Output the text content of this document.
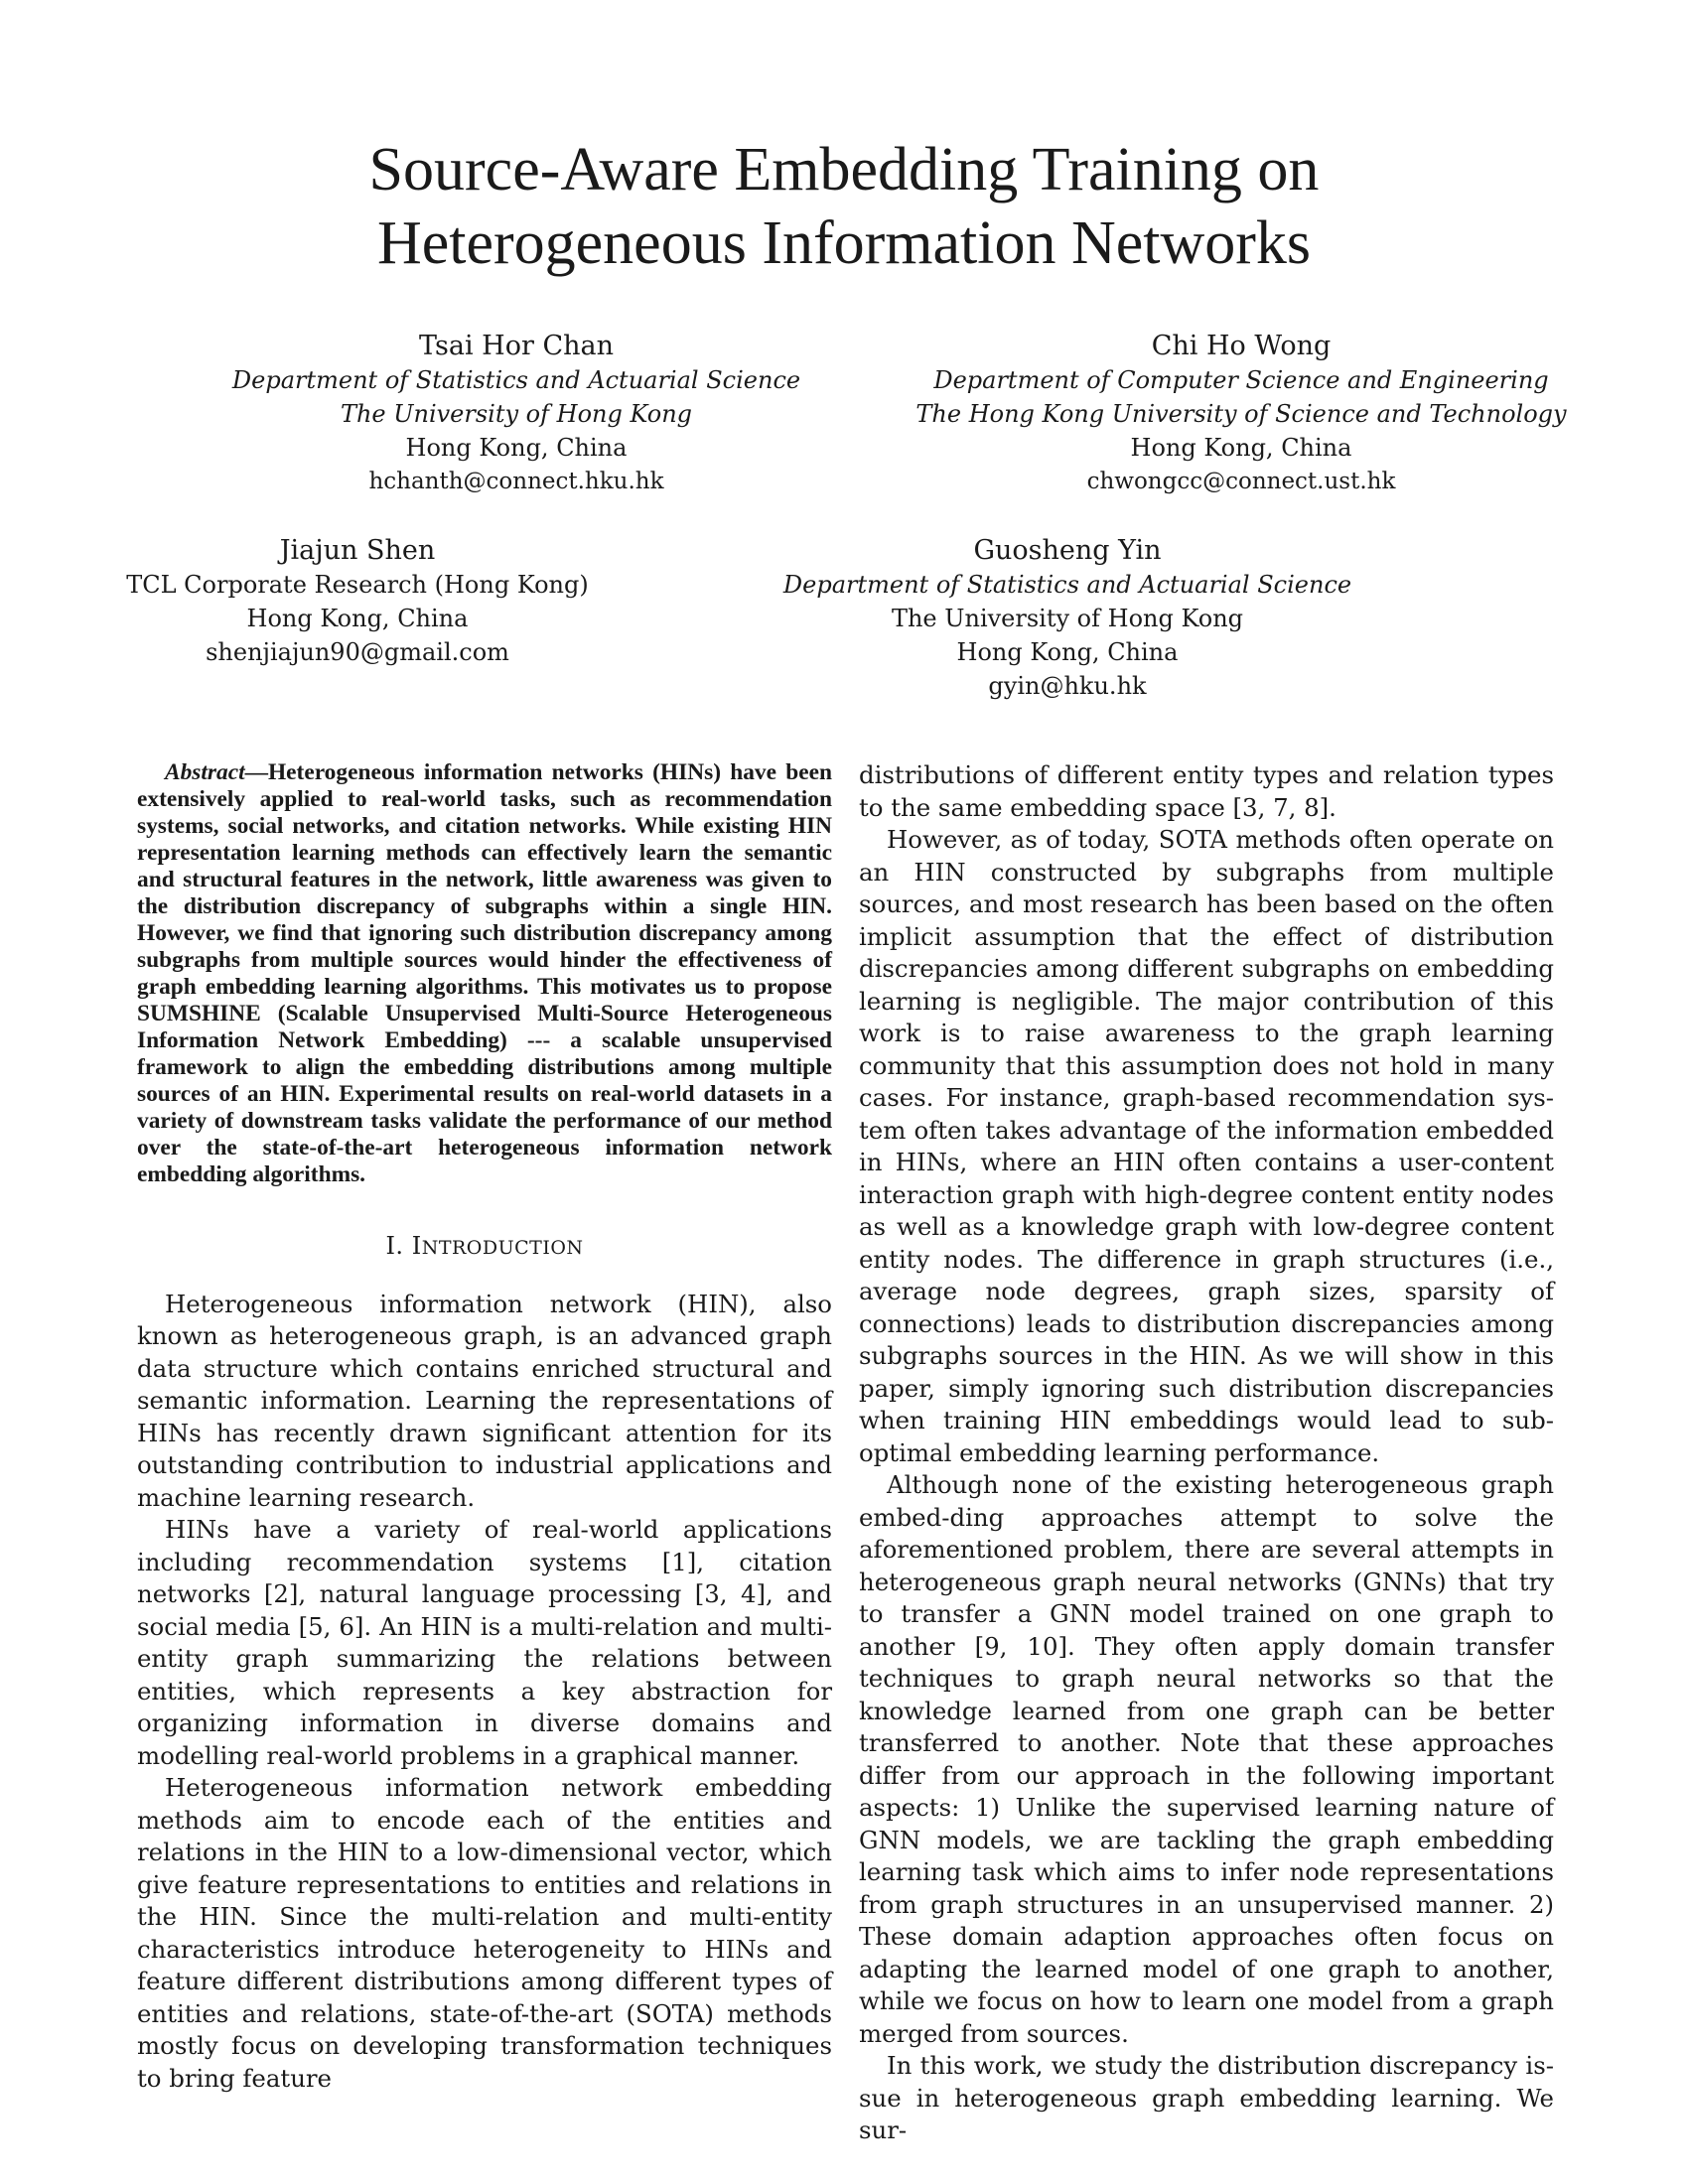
Source-Aware Embedding Training on
Heterogeneous Information Networks
Tsai Hor Chan
Department of Statistics and Actuarial Science
The University of Hong Kong
Hong Kong, China
hchanth@connect.hku.hk
Chi Ho Wong
Department of Computer Science and Engineering
The Hong Kong University of Science and Technology
Hong Kong, China
chwongcc@connect.ust.hk
Jiajun Shen
TCL Corporate Research (Hong Kong)
Hong Kong, China
shenjiajun90@gmail.com
Guosheng Yin
Department of Statistics and Actuarial Science
The University of Hong Kong
Hong Kong, China
gyin@hku.hk

Abstract—Heterogeneous information networks (HINs) have been extensively applied to real-world tasks, such as recommendation systems, social networks, and citation networks. While existing HIN representation learning methods can effectively learn the semantic and structural features in the network, little awareness was given to the distribution discrepancy of subgraphs within a single HIN. However, we find that ignoring such distribution discrepancy among subgraphs from multiple sources would hinder the effectiveness of graph embedding learning algorithms. This motivates us to propose SUMSHINE (Scalable Unsupervised Multi-Source Heterogeneous Information Network Embedding) --- a scalable unsupervised framework to align the embedding distributions among multiple sources of an HIN. Experimental results on real-world datasets in a variety of downstream tasks validate the performance of our method over the state-of-the-art heterogeneous information network embedding algorithms.

I. INTRODUCTION

Heterogeneous information network (HIN), also known as heterogeneous graph, is an advanced graph data structure which contains enriched structural and semantic information. Learning the representations of HINs has recently drawn significant attention for its outstanding contribution to industrial applications and machine learning research.

HINs have a variety of real-world applications including recommendation systems [1], citation networks [2], natural language processing [3, 4], and social media [5, 6]. An HIN is a multi-relation and multi-entity graph summarizing the relations between entities, which represents a key abstraction for organizing information in diverse domains and modelling real-world problems in a graphical manner.

Heterogeneous information network embedding methods aim to encode each of the entities and relations in the HIN to a low-dimensional vector, which give feature representations to entities and relations in the HIN. Since the multi-relation and multi-entity characteristics introduce heterogeneity to HINs and feature different distributions among different types of entities and relations, state-of-the-art (SOTA) methods mostly focus on developing transformation techniques to bring feature

distributions of different entity types and relation types to the same embedding space [3, 7, 8].

However, as of today, SOTA methods often operate on an HIN constructed by subgraphs from multiple sources, and most research has been based on the often implicit assumption that the effect of distribution discrepancies among different subgraphs on embedding learning is negligible. The major contribution of this work is to raise awareness to the graph learning community that this assumption does not hold in many cases. For instance, graph-based recommendation sys- tem often takes advantage of the information embedded in HINs, where an HIN often contains a user-content interaction graph with high-degree content entity nodes as well as a knowledge graph with low-degree content entity nodes. The difference in graph structures (i.e., average node degrees, graph sizes, sparsity of connections) leads to distribution discrepancies among subgraphs sources in the HIN. As we will show in this paper, simply ignoring such distribution discrepancies when training HIN embeddings would lead to sub-optimal embedding learning performance.

Although none of the existing heterogeneous graph embed-ding approaches attempt to solve the aforementioned problem, there are several attempts in heterogeneous graph neural networks (GNNs) that try to transfer a GNN model trained on one graph to another [9, 10]. They often apply domain transfer techniques to graph neural networks so that the knowledge learned from one graph can be better transferred to another. Note that these approaches differ from our approach in the following important aspects: 1) Unlike the supervised learning nature of GNN models, we are tackling the graph embedding learning task which aims to infer node representations from graph structures in an unsupervised manner. 2) These domain adaption approaches often focus on adapting the learned model of one graph to another, while we focus on how to learn one model from a graph merged from sources.

In this work, we study the distribution discrepancy is- sue in heterogeneous graph embedding learning. We sur-
